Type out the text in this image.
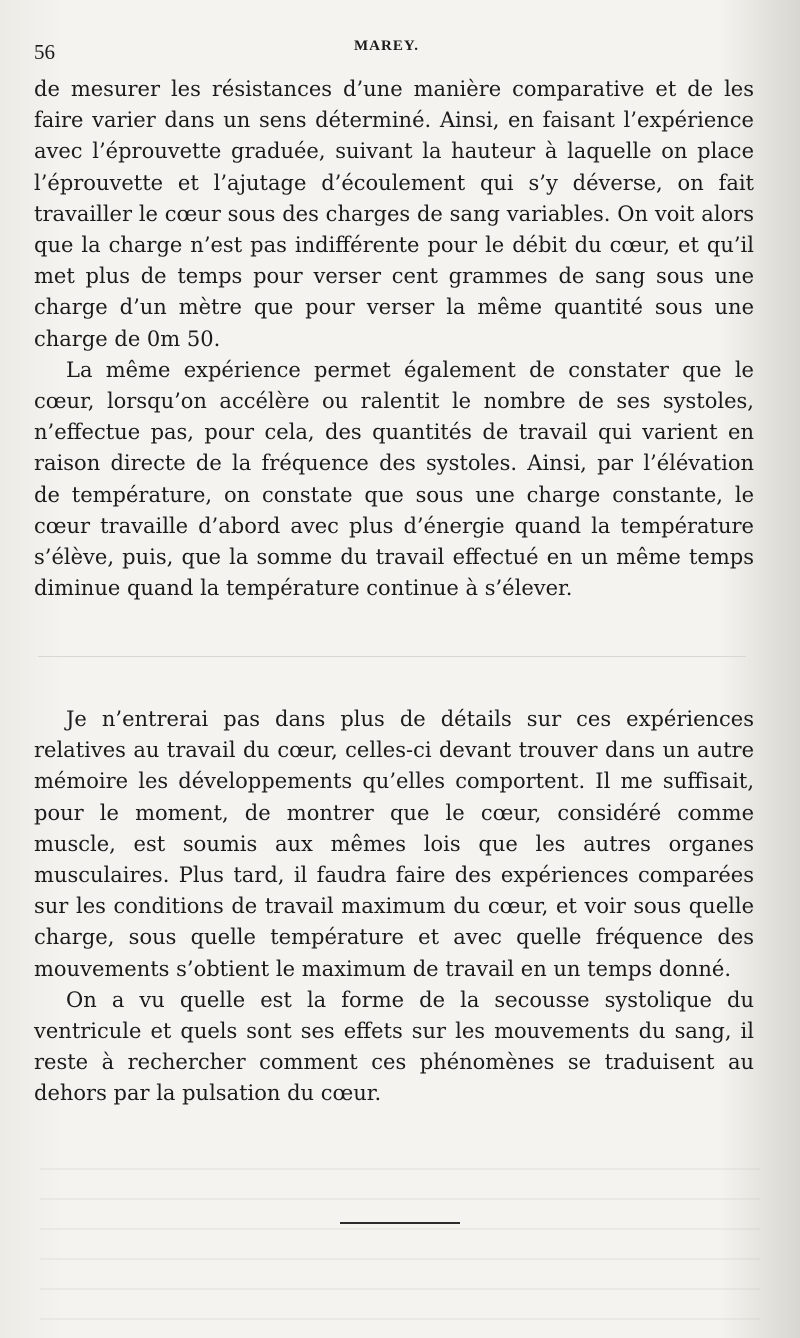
56	MAREY.

de mesurer les résistances d’une manière comparative et de les faire varier dans un sens déterminé. Ainsi, en faisant l’expérience avec l’éprouvette graduée, suivant la hauteur à laquelle on place l’éprouvette et l’ajutage d’écoulement qui s’y déverse, on fait travailler le cœur sous des charges de sang variables. On voit alors que la charge n’est pas indifférente pour le débit du cœur, et qu’il met plus de temps pour verser cent grammes de sang sous une charge d’un mètre que pour verser la même quantité sous une charge de 0m 50.

La même expérience permet également de constater que le cœur, lorsqu’on accélère ou ralentit le nombre de ses systoles, n’effectue pas, pour cela, des quantités de travail qui varient en raison directe de la fréquence des systoles. Ainsi, par l’élévation de température, on constate que sous une charge constante, le cœur travaille d’abord avec plus d’énergie quand la température s’élève, puis, que la somme du travail effectué en un même temps diminue quand la température continue à s’élever.

Je n’entrerai pas dans plus de détails sur ces expériences relatives au travail du cœur, celles-ci devant trouver dans un autre mémoire les développements qu’elles comportent. Il me suffisait, pour le moment, de montrer que le cœur, considéré comme muscle, est soumis aux mêmes lois que les autres organes musculaires. Plus tard, il faudra faire des expériences comparées sur les conditions de travail maximum du cœur, et voir sous quelle charge, sous quelle température et avec quelle fréquence des mouvements s’obtient le maximum de travail en un temps donné.

On a vu quelle est la forme de la secousse systolique du ventricule et quels sont ses effets sur les mouvements du sang, il reste à rechercher comment ces phénomènes se traduisent au dehors par la pulsation du cœur.
